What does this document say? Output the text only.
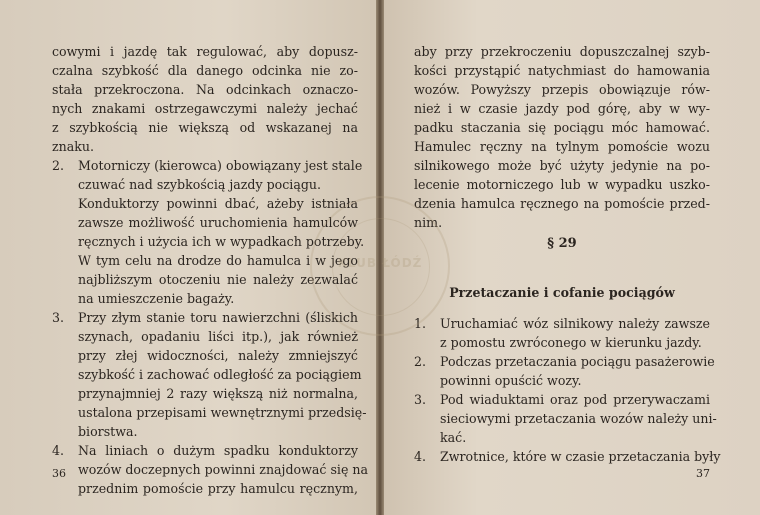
cowymi i jazdę tak regulować, aby dopusz-
czalna szybkość dla danego odcinka nie zo-
stała przekroczona. Na odcinkach oznaczo-
nych znakami ostrzegawczymi należy jechać
z szybkością nie większą od wskazanej na
znaku.
2. Motorniczy (kierowca) obowiązany jest stale
czuwać nad szybkością jazdy pociągu.
Konduktorzy powinni dbać, ażeby istniała
zawsze możliwość uruchomienia hamulców
ręcznych i użycia ich w wypadkach potrzeby.
W tym celu na drodze do hamulca i w jego
najbliższym otoczeniu nie należy zezwalać
na umieszczenie bagaży.
3. Przy złym stanie toru nawierzchni (śliskich
szynach, opadaniu liści itp.), jak również
przy złej widoczności, należy zmniejszyć
szybkość i zachować odległość za pociągiem
przynajmniej 2 razy większą niż normalna,
ustalona przepisami wewnętrznymi przedsię-
biorstwa.
4. Na liniach o dużym spadku konduktorzy
wozów doczepnych powinni znajdować się na
przednim pomoście przy hamulcu ręcznym,
36
aby przy przekroczeniu dopuszczalnej szyb-
kości przystąpić natychmiast do hamowania
wozów. Powyższy przepis obowiązuje rów-
nież i w czasie jazdy pod górę, aby w wy-
padku staczania się pociągu móc hamować.
Hamulec ręczny na tylnym pomoście wozu
silnikowego może być użyty jedynie na po-
lecenie motorniczego lub w wypadku uszko-
dzenia hamulca ręcznego na pomoście przed-
nim.
§ 29
Przetaczanie i cofanie pociągów
1. Uruchamiać wóz silnikowy należy zawsze
z pomostu zwróconego w kierunku jazdy.
2. Podczas przetaczania pociągu pasażerowie
powinni opuścić wozy.
3. Pod wiaduktami oraz pod przerywaczami
sieciowymi przetaczania wozów należy uni-
kać.
4. Zwrotnice, które w czasie przetaczania były
37
KLUB ŁÓDŹ
